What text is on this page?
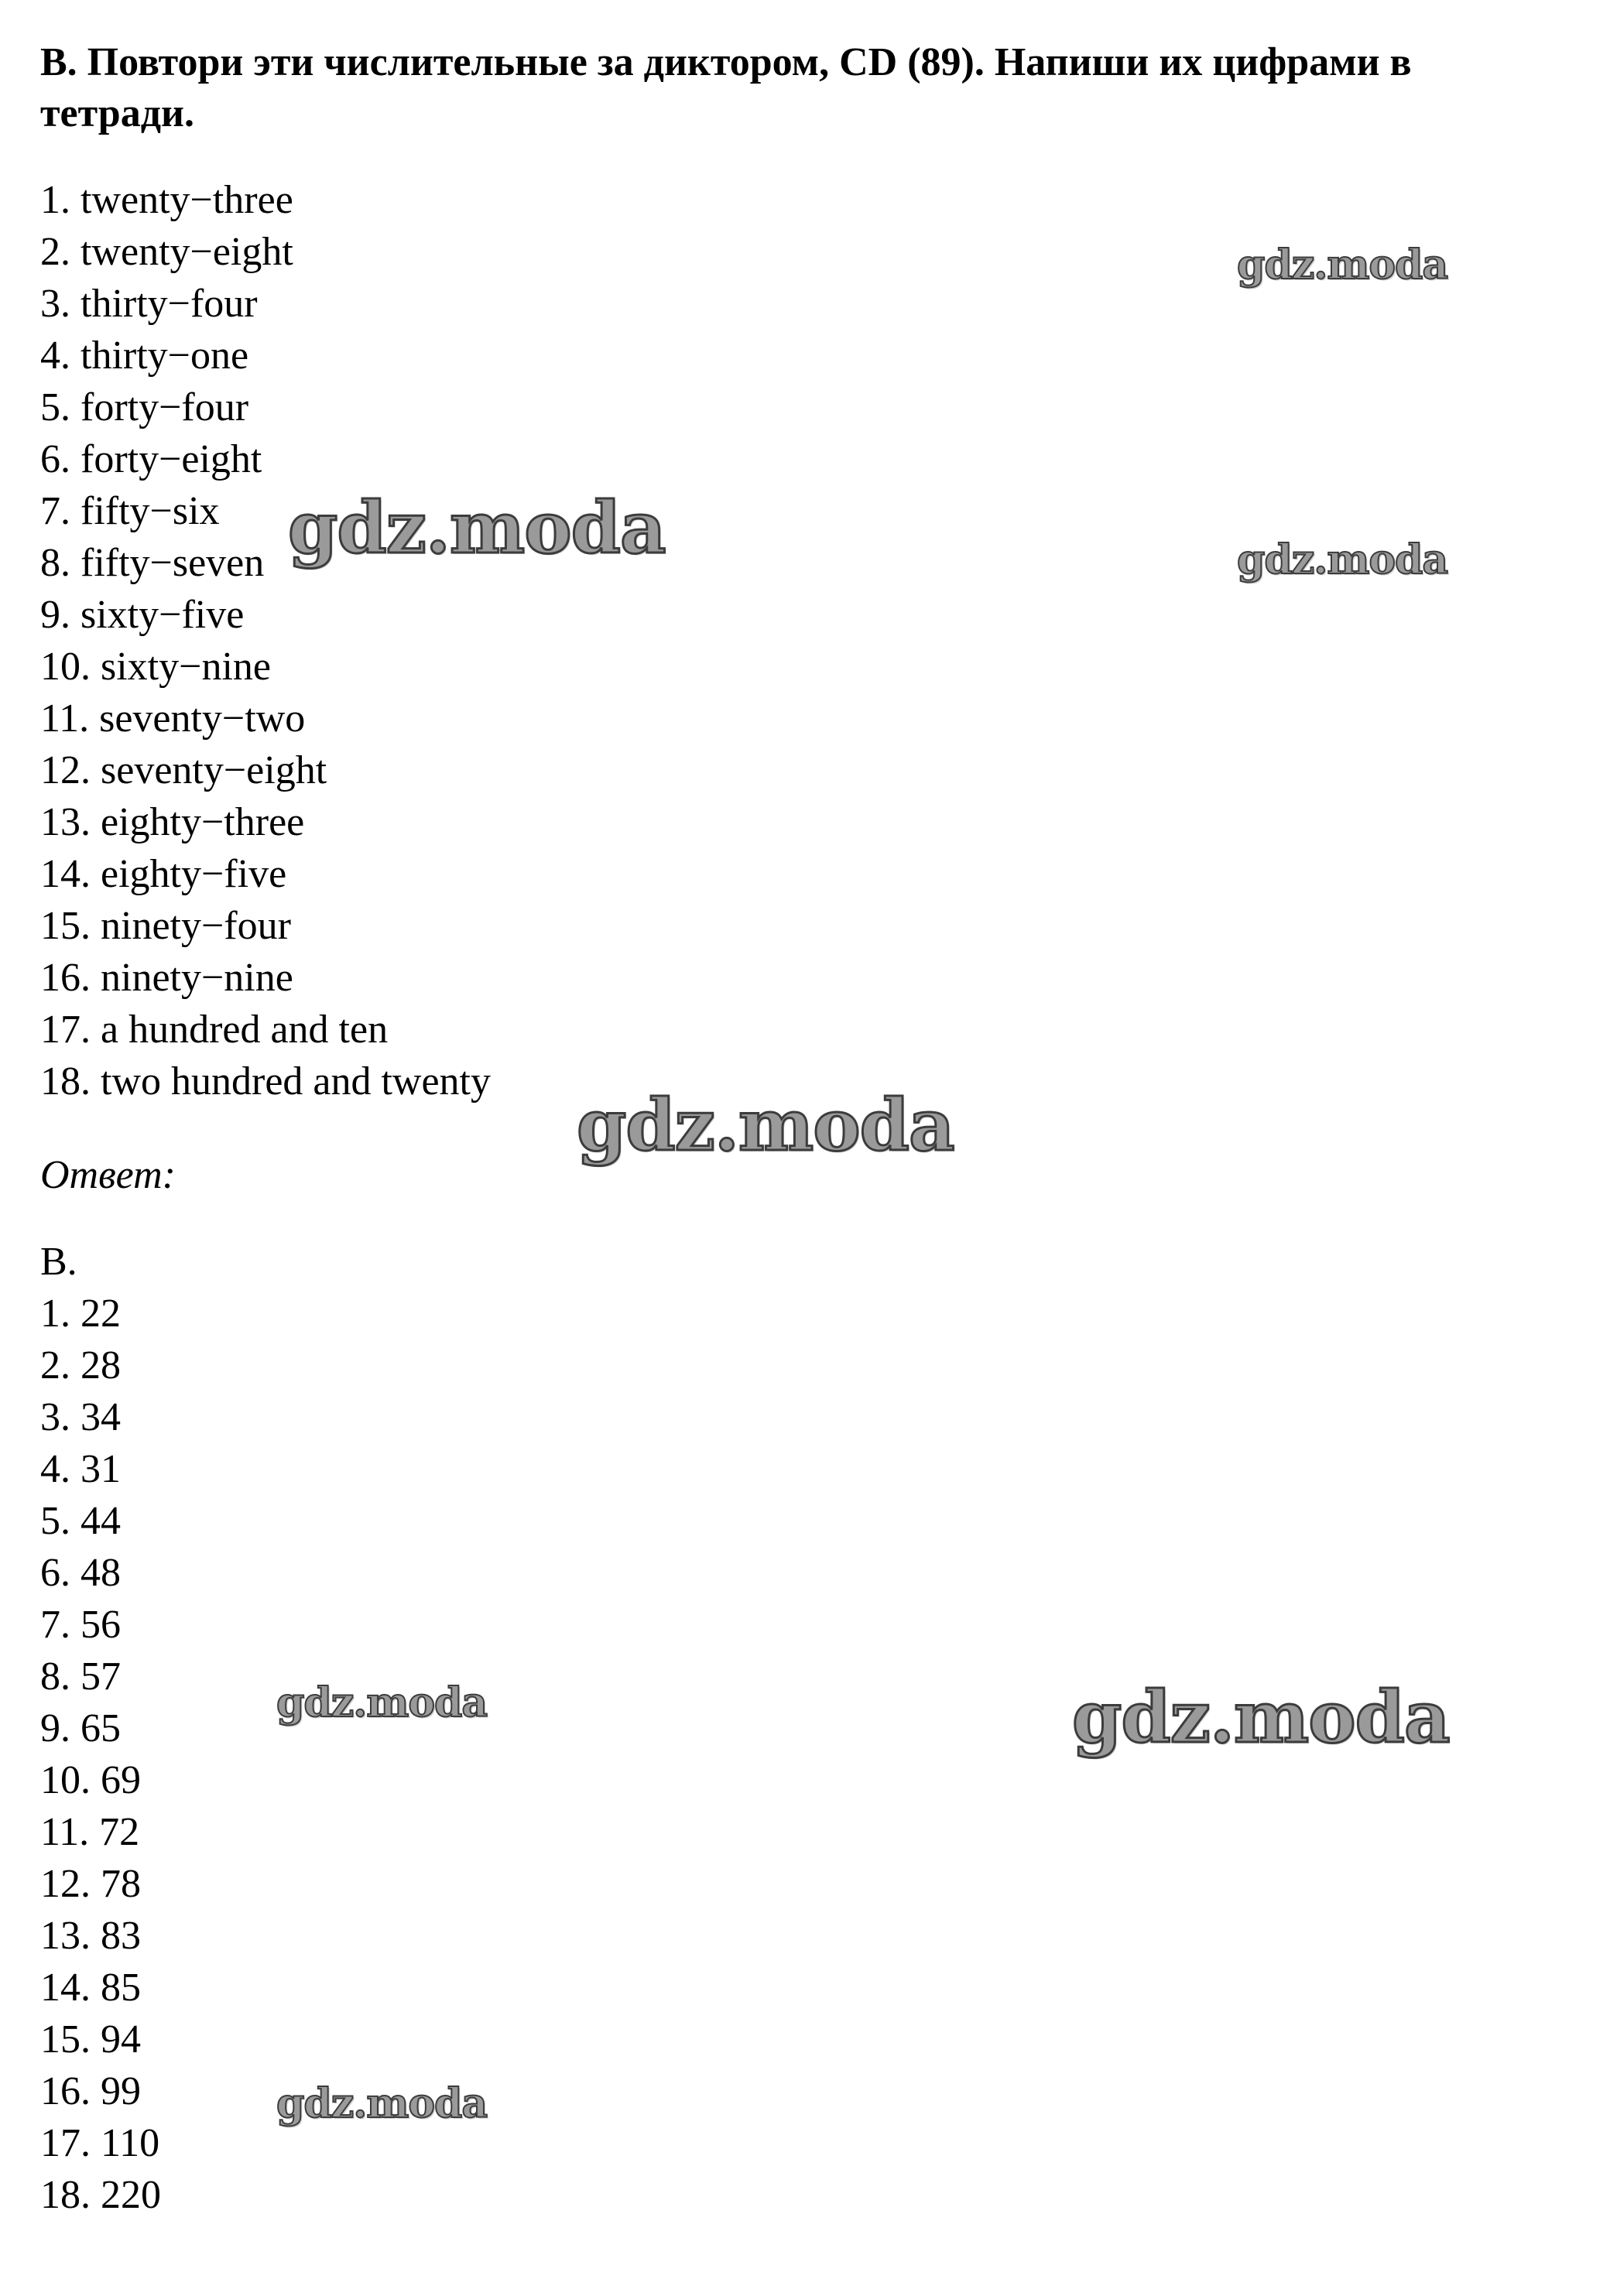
B. Повтори эти числительные за диктором, CD (89). Напиши их цифрами в тетради.

1. twenty−three
2. twenty−eight
3. thirty−four
4. thirty−one
5. forty−four
6. forty−eight
7. fifty−six
8. fifty−seven
9. sixty−five
10. sixty−nine
11. seventy−two
12. seventy−eight
13. eighty−three
14. eighty−five
15. ninety−four
16. ninety−nine
17. a hundred and ten
18. two hundred and twenty

Ответ:

B.

1. 22
2. 28
3. 34
4. 31
5. 44
6. 48
7. 56
8. 57
9. 65
10. 69
11. 72
12. 78
13. 83
14. 85
15. 94
16. 99
17. 110
18. 220
gdz.moda
gdz.moda	gdz.moda
gdz.moda
gdz.moda	gdz.moda
gdz.moda
